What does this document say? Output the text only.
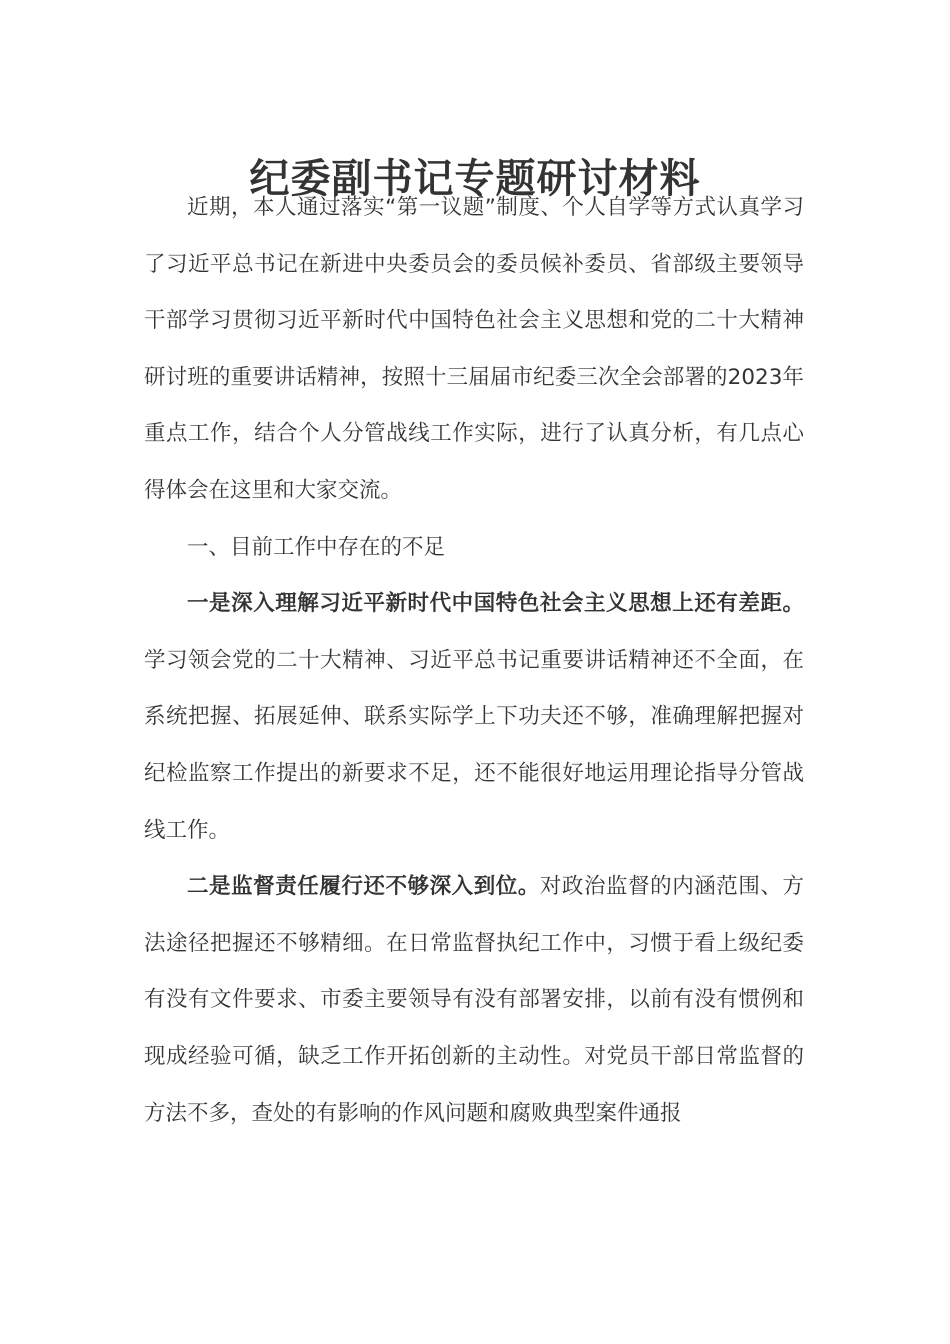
纪委副书记专题研讨材料

近期，本人通过落实“第一议题”制度、个人自学等方式认真学习了习近平总书记在新进中央委员会的委员候补委员、省部级主要领导干部学习贯彻习近平新时代中国特色社会主义思想和党的二十大精神研讨班的重要讲话精神，按照十三届届市纪委三次全会部署的2023年重点工作，结合个人分管战线工作实际，进行了认真分析，有几点心得体会在这里和大家交流。

一、目前工作中存在的不足

一是深入理解习近平新时代中国特色社会主义思想上还有差距。学习领会党的二十大精神、习近平总书记重要讲话精神还不全面，在系统把握、拓展延伸、联系实际学上下功夫还不够，准确理解把握对纪检监察工作提出的新要求不足，还不能很好地运用理论指导分管战线工作。

二是监督责任履行还不够深入到位。对政治监督的内涵范围、方法途径把握还不够精细。在日常监督执纪工作中，习惯于看上级纪委有没有文件要求、市委主要领导有没有部署安排，以前有没有惯例和现成经验可循，缺乏工作开拓创新的主动性。对党员干部日常监督的方法不多，查处的有影响的作风问题和腐败典型案件通报
